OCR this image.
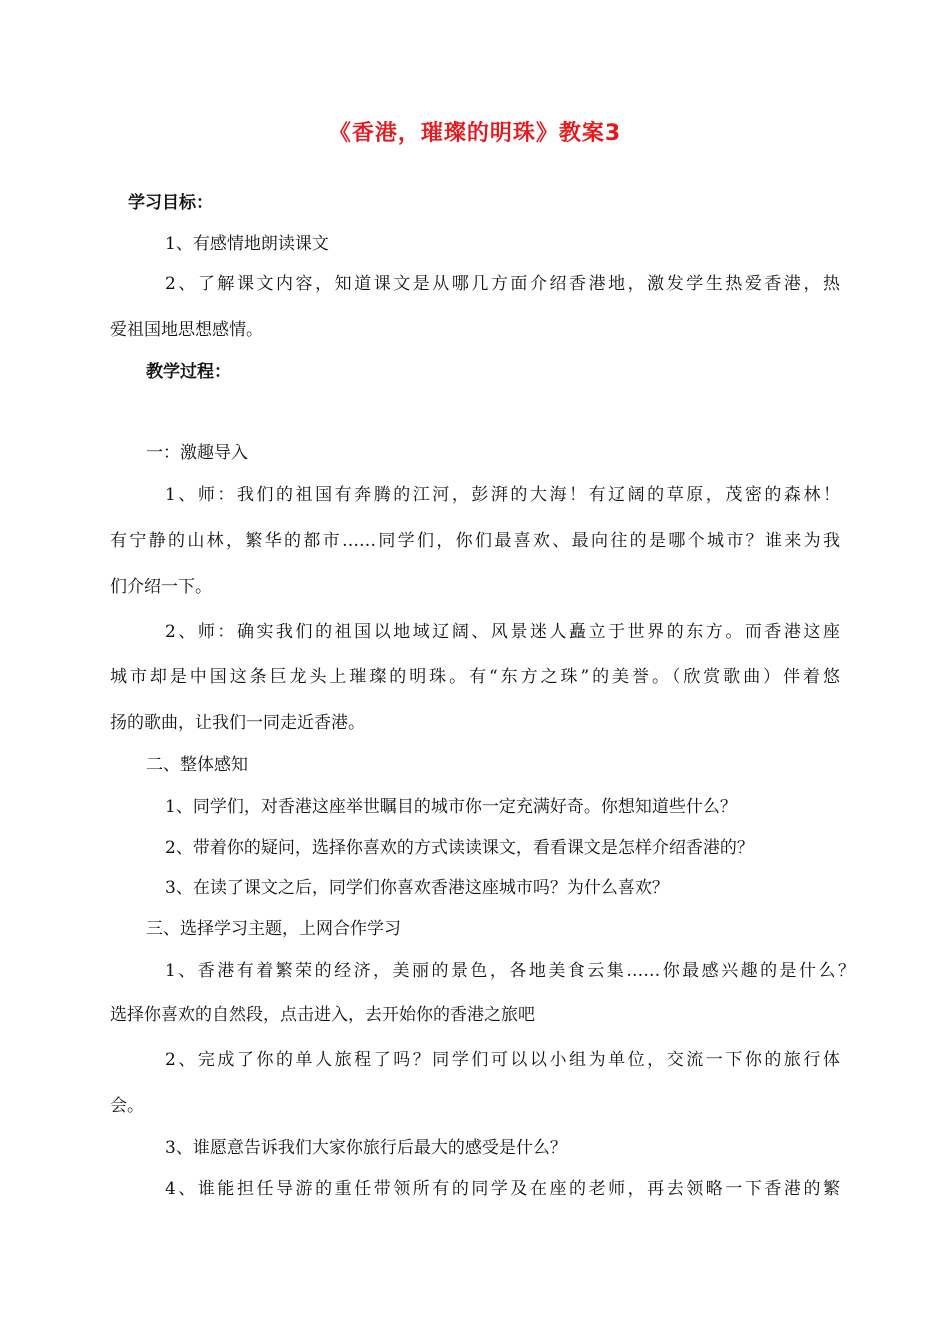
《香港，璀璨的明珠》教案3
学习目标：
1、有感情地朗读课文
2、了解课文内容，知道课文是从哪几方面介绍香港地，激发学生热爱香港，热
爱祖国地思想感情。
教学过程：
一：激趣导入
1、师：我们的祖国有奔腾的江河，彭湃的大海！有辽阔的草原，茂密的森林！
有宁静的山林，繁华的都市……同学们，你们最喜欢、最向往的是哪个城市？谁来为我
们介绍一下。
2、师：确实我们的祖国以地域辽阔、风景迷人矗立于世界的东方。而香港这座
城市却是中国这条巨龙头上璀璨的明珠。有“东方之珠”的美誉。（欣赏歌曲）伴着悠
扬的歌曲，让我们一同走近香港。
二、整体感知
1、同学们，对香港这座举世瞩目的城市你一定充满好奇。你想知道些什么？
2、带着你的疑问，选择你喜欢的方式读读课文，看看课文是怎样介绍香港的？
3、在读了课文之后，同学们你喜欢香港这座城市吗？为什么喜欢？
三、选择学习主题，上网合作学习
1、香港有着繁荣的经济，美丽的景色，各地美食云集……你最感兴趣的是什么？
选择你喜欢的自然段，点击进入，去开始你的香港之旅吧
2、完成了你的单人旅程了吗？同学们可以以小组为单位，交流一下你的旅行体
会。
3、谁愿意告诉我们大家你旅行后最大的感受是什么？
4、谁能担任导游的重任带领所有的同学及在座的老师，再去领略一下香港的繁
